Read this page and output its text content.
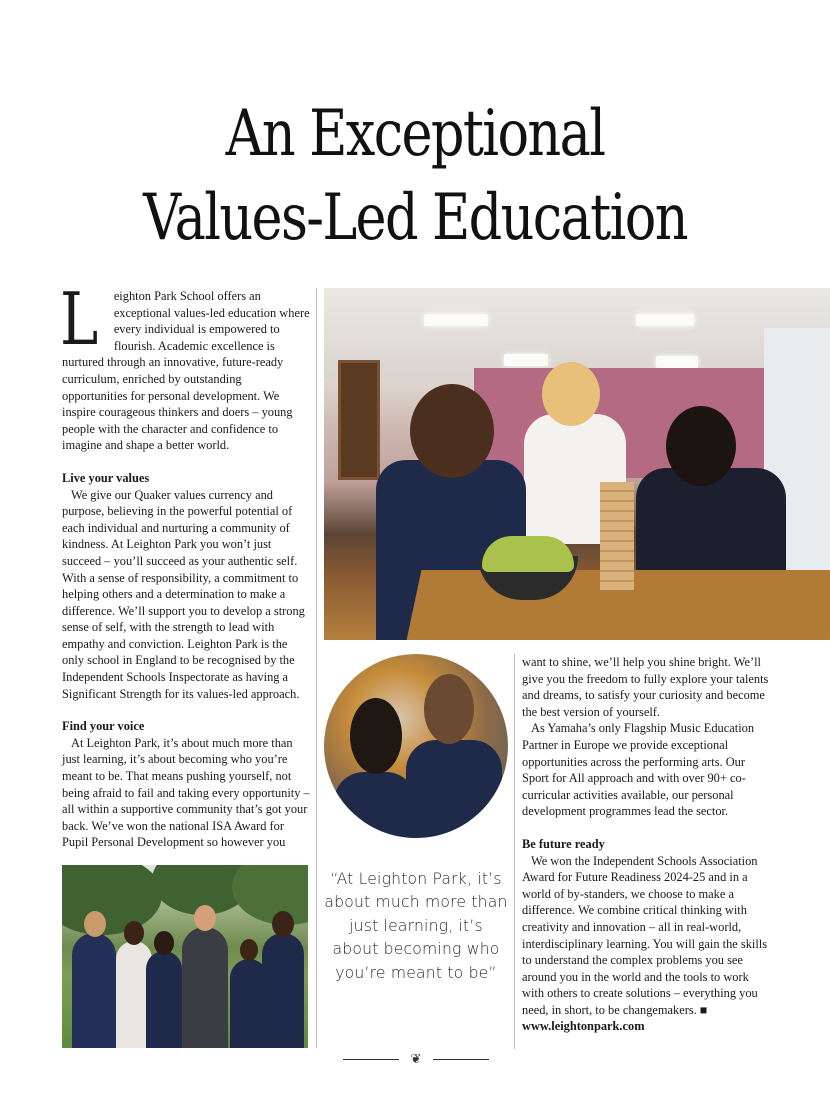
An Exceptional
Values-Led Education

L eighton Park School offers an exceptional values-led education where every individual is empowered to flourish. Academic excellence is nurtured through an innovative, future-ready curriculum, enriched by outstanding opportunities for personal development. We inspire courageous thinkers and doers – young people with the character and confidence to imagine and shape a better world.

Live your values

We give our Quaker values currency and purpose, believing in the powerful potential of each individual and nurturing a community of kindness. At Leighton Park you won’t just succeed – you’ll succeed as your authentic self. With a sense of responsibility, a commitment to helping others and a determination to make a difference. We’ll support you to develop a strong sense of self, with the strength to lead with empathy and conviction. Leighton Park is the only school in England to be recognised by the Independent Schools Inspectorate as having a Significant Strength for its values-led approach.

Find your voice

At Leighton Park, it’s about much more than just learning, it’s about becoming who you’re meant to be. That means pushing yourself, not being afraid to fail and taking every opportunity – all within a supportive community that’s got your back. We’ve won the national ISA Award for Pupil Personal Development so however you

“At Leighton Park, it’s about much more than just learning, it’s about becoming who you’re meant to be”

want to shine, we’ll help you shine bright. We’ll give you the freedom to fully explore your talents and dreams, to satisfy your curiosity and become the best version of yourself.

As Yamaha’s only Flagship Music Education Partner in Europe we provide exceptional opportunities across the performing arts. Our Sport for All approach and with over 90+ co-curricular activities available, our personal development programmes lead the sector.

Be future ready

We won the Independent Schools Association Award for Future Readiness 2024-25 and in a world of by-standers, we choose to make a difference. We combine critical thinking with creativity and innovation – all in real-world, interdisciplinary learning. You will gain the skills to understand the complex problems you see around you in the world and the tools to work with others to create solutions – everything you need, in short, to be changemakers. ■

www.leightonpark.com

❦
